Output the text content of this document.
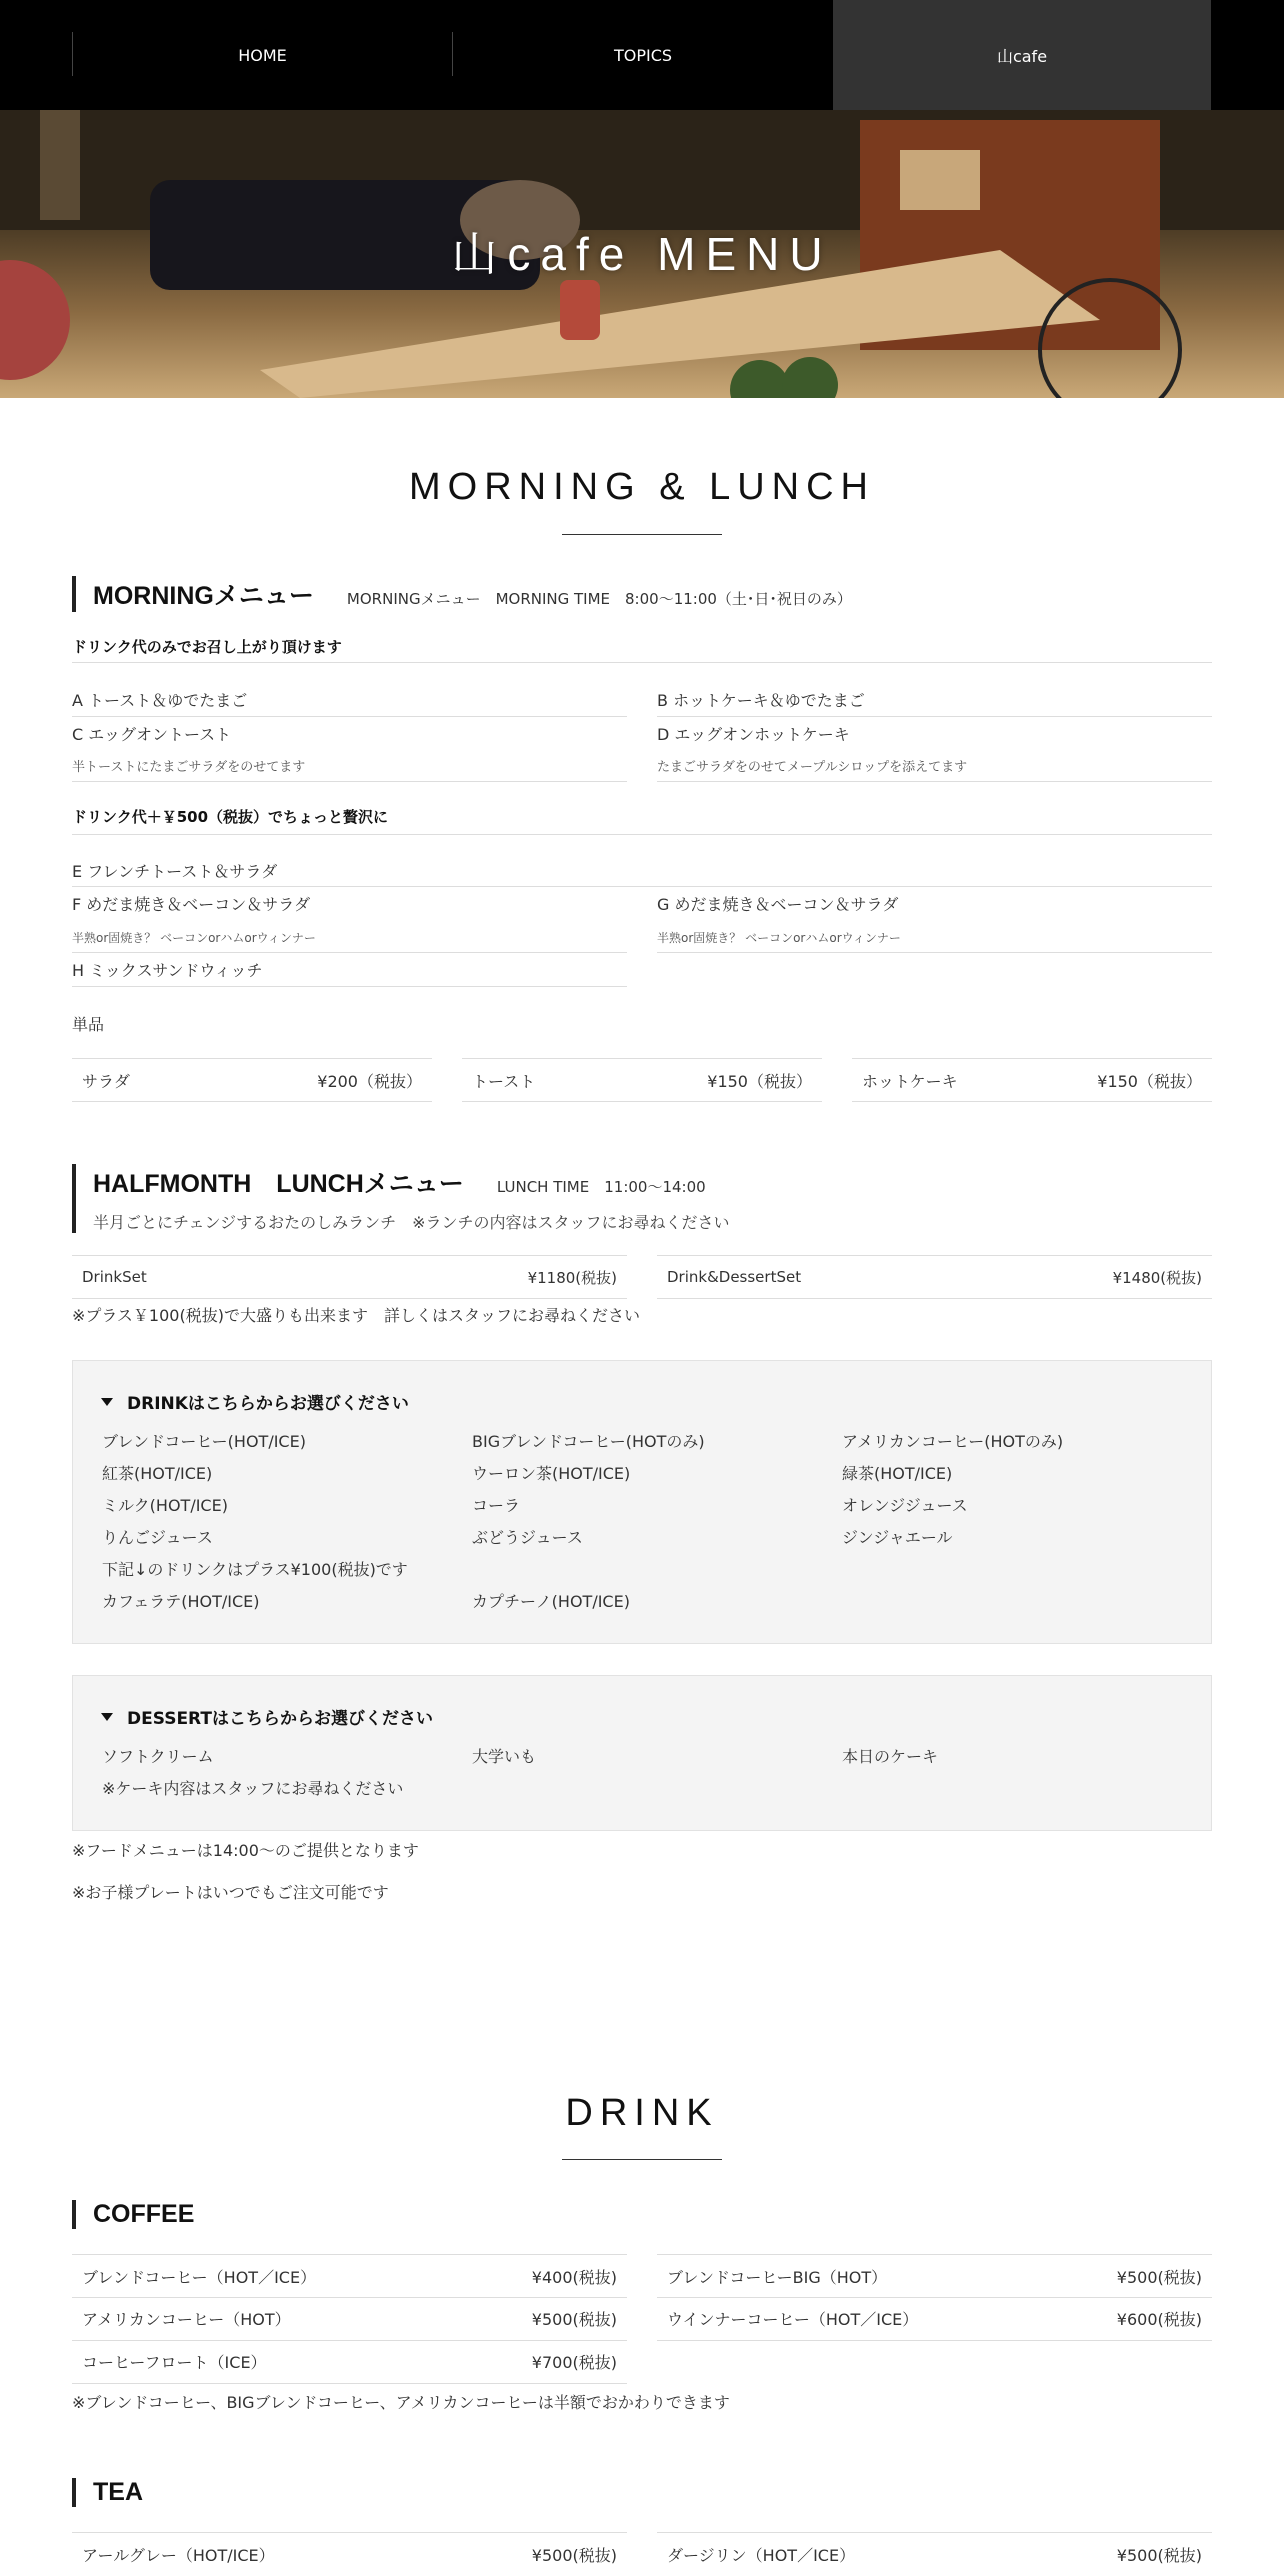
HOME	TOPICS	山cafe
山cafe MENU
MORNING & LUNCH
MORNINGメニュー MORNINGメニュー　MORNING TIME　8:00〜11:00（土･日･祝日のみ）
ドリンク代のみでお召し上がり頂けます
A トースト＆ゆでたまご	B ホットケーキ＆ゆでたまご
C エッグオントースト	D エッグオンホットケーキ
半トーストにたまごサラダをのせてます	たまごサラダをのせてメープルシロップを添えてます
ドリンク代＋￥500（税抜）でちょっと贅沢に
E フレンチトースト＆サラダ
F めだま焼き＆ベーコン＆サラダ	G めだま焼き＆ベーコン＆サラダ
半熟or固焼き？ ベーコンorハムorウィンナー	半熟or固焼き？ ベーコンorハムorウィンナー
H ミックスサンドウィッチ
単品
サラダ	¥200（税抜）	トースト	¥150（税抜）	ホットケーキ	¥150（税抜）
HALFMONTH　LUNCHメニュー LUNCH TIME　11:00〜14:00
半月ごとにチェンジするおたのしみランチ　※ランチの内容はスタッフにお尋ねください
DrinkSet	¥1180(税抜)	Drink&DessertSet	¥1480(税抜)
※プラス￥100(税抜)で大盛りも出来ます　詳しくはスタッフにお尋ねください
DRINKはこちらからお選びください
ブレンドコーヒー(HOT/ICE)	BIGブレンドコーヒー(HOTのみ)	アメリカンコーヒー(HOTのみ)
紅茶(HOT/ICE)	ウーロン茶(HOT/ICE)	緑茶(HOT/ICE)
ミルク(HOT/ICE)	コーラ	オレンジジュース
りんごジュース	ぶどうジュース	ジンジャエール
下記↓のドリンクはプラス¥100(税抜)です
カフェラテ(HOT/ICE)	カプチーノ(HOT/ICE)
DESSERTはこちらからお選びください
ソフトクリーム	大学いも	本日のケーキ
※ケーキ内容はスタッフにお尋ねください
※フードメニューは14:00〜のご提供となります
※お子様プレートはいつでもご注文可能です
DRINK
COFFEE
ブレンドコーヒー（HOT／ICE）	¥400(税抜)	ブレンドコーヒーBIG（HOT）	¥500(税抜)
アメリカンコーヒー（HOT）	¥500(税抜)	ウインナーコーヒー（HOT／ICE）	¥600(税抜)
コーヒーフロート（ICE）	¥700(税抜)
※ブレンドコーヒー、BIGブレンドコーヒー、アメリカンコーヒーは半額でおかわりできます
TEA
アールグレー（HOT/ICE）	¥500(税抜)	ダージリン（HOT／ICE）	¥500(税抜)
